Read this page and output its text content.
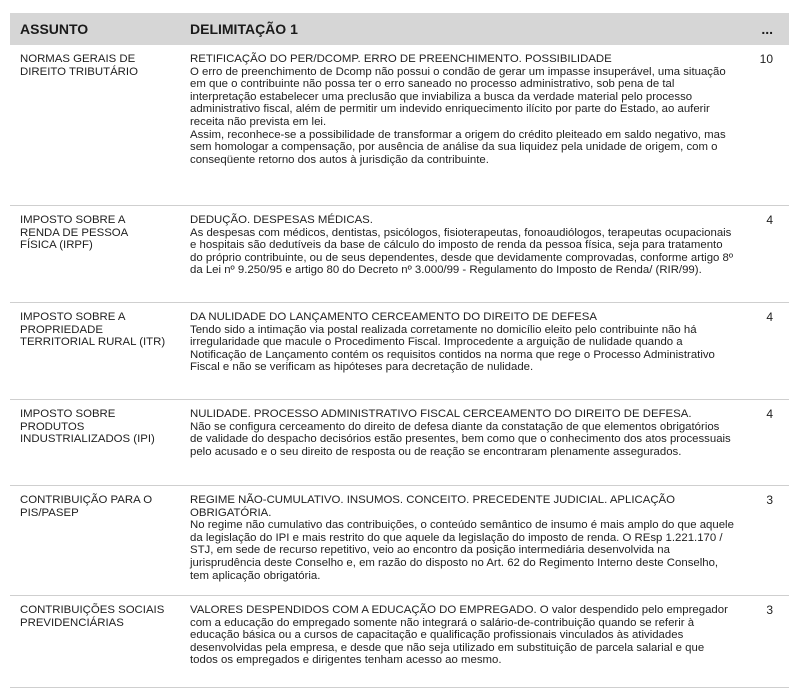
ASSUNTO	DELIMITAÇÃO 1	...

NORMAS GERAIS DE
DIREITO TRIBUTÁRIO

RETIFICAÇÃO DO PER/DCOMP. ERRO DE PREENCHIMENTO. POSSIBILIDADE

O erro de preenchimento de Dcomp não possui o condão de gerar um impasse insuperável, uma situação em que o contribuinte não possa ter o erro saneado no processo administrativo, sob pena de tal interpretação estabelecer uma preclusão que inviabiliza a busca da verdade material pelo processo administrativo fiscal, além de permitir um indevido enriquecimento ilícito por parte do Estado, ao auferir receita não prevista em lei.
Assim, reconhece-se a possibilidade de transformar a origem do crédito pleiteado em saldo negativo, mas sem homologar a compensação, por ausência de análise da sua liquidez pela unidade de origem, com o conseqüente retorno dos autos à jurisdição da contribuinte.

10

IMPOSTO SOBRE A
RENDA DE PESSOA
FÍSICA (IRPF)

DEDUÇÃO. DESPESAS MÉDICAS.

As despesas com médicos, dentistas, psicólogos, fisioterapeutas, fonoaudiólogos, terapeutas ocupacionais e hospitais são dedutíveis da base de cálculo do imposto de renda da pessoa física, seja para tratamento do próprio contribuinte, ou de seus dependentes, desde que devidamente comprovadas, conforme artigo 8º da Lei nº 9.250/95 e artigo 80 do Decreto nº 3.000/99 - Regulamento do Imposto de Renda/ (RIR/99).

4

IMPOSTO SOBRE A
PROPRIEDADE
TERRITORIAL RURAL (ITR)

DA NULIDADE DO LANÇAMENTO CERCEAMENTO DO DIREITO DE DEFESA

Tendo sido a intimação via postal realizada corretamente no domicílio eleito pelo contribuinte não há irregularidade que macule o Procedimento Fiscal. Improcedente a arguição de nulidade quando a Notificação de Lançamento contém os requisitos contidos na norma que rege o Processo Administrativo Fiscal e não se verificam as hipóteses para decretação de nulidade.

4

IMPOSTO SOBRE
PRODUTOS
INDUSTRIALIZADOS (IPI)

NULIDADE. PROCESSO ADMINISTRATIVO FISCAL CERCEAMENTO DO DIREITO DE DEFESA.

Não se configura cerceamento do direito de defesa diante da constatação de que elementos obrigatórios de validade do despacho decisórios estão presentes, bem como que o conhecimento dos atos processuais pelo acusado e o seu direito de resposta ou de reação se encontraram plenamente assegurados.

4

CONTRIBUIÇÃO PARA O
PIS/PASEP

REGIME NÃO-CUMULATIVO. INSUMOS. CONCEITO. PRECEDENTE JUDICIAL. APLICAÇÃO OBRIGATÓRIA.

No regime não cumulativo das contribuições, o conteúdo semântico de insumo é mais amplo do que aquele da legislação do IPI e mais restrito do que aquele da legislação do imposto de renda. O REsp 1.221.170 / STJ, em sede de recurso repetitivo, veio ao encontro da posição intermediária desenvolvida na jurisprudência deste Conselho e, em razão do disposto no Art. 62 do Regimento Interno deste Conselho, tem aplicação obrigatória.

3

CONTRIBUIÇÕES SOCIAIS
PREVIDENCIÁRIAS

VALORES DESPENDIDOS COM A EDUCAÇÃO DO EMPREGADO. O valor despendido pelo empregador com a educação do empregado somente não integrará o salário-de-contribuição quando se referir à educação básica ou a cursos de capacitação e qualificação profissionais vinculados às atividades desenvolvidas pela empresa, e desde que não seja utilizado em substituição de parcela salarial e que todos os empregados e dirigentes tenham acesso ao mesmo.

3
